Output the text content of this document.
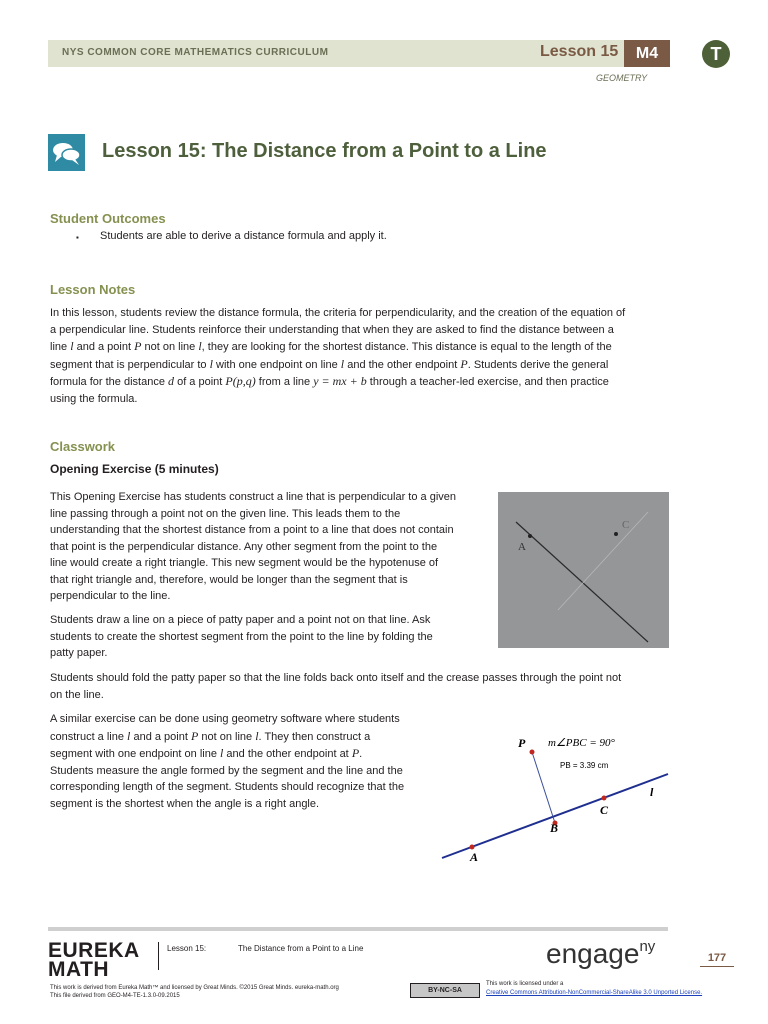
NYS COMMON CORE MATHEMATICS CURRICULUM	Lesson 15	M4
GEOMETRY
T
Lesson 15: The Distance from a Point to a Line
Student Outcomes
▪ Students are able to derive a distance formula and apply it.
Lesson Notes
In this lesson, students review the distance formula, the criteria for perpendicularity, and the creation of the equation of
a perpendicular line. Students reinforce their understanding that when they are asked to find the distance between a
line l and a point P not on line l, they are looking for the shortest distance. This distance is equal to the length of the
segment that is perpendicular to l with one endpoint on line l and the other endpoint P. Students derive the general
formula for the distance d of a point P(p,q) from a line y = mx + b through a teacher-led exercise, and then practice
using the formula.
Classwork
Opening Exercise (5 minutes)
This Opening Exercise has students construct a line that is perpendicular to a given
line passing through a point not on the given line. This leads them to the
understanding that the shortest distance from a point to a line that does not contain
that point is the perpendicular distance. Any other segment from the point to the
line would create a right triangle. This new segment would be the hypotenuse of
that right triangle and, therefore, would be longer than the segment that is
perpendicular to the line.
Students draw a line on a piece of patty paper and a point not on that line. Ask
students to create the shortest segment from the point to the line by folding the
patty paper.
Students should fold the patty paper so that the line folds back onto itself and the crease passes through the point not
on the line.
A similar exercise can be done using geometry software where students
construct a line l and a point P not on line l. They then construct a
segment with one endpoint on line l and the other endpoint at P.
Students measure the angle formed by the segment and the line and the
corresponding length of the segment. Students should recognize that the
segment is the shortest when the angle is a right angle.
A
C
P
A
B
C
l
m∠PBC = 90°
PB = 3.39 cm
EUREKA
MATH
Lesson 15:	The Distance from a Point to a Line	engage$^{ny}$
177
This work is derived from Eureka Math™ and licensed by Great Minds. ©2015 Great Minds. eureka-math.org
This file derived from GEO-M4-TE-1.3.0-09.2015
BY-NC-SA
This work is licensed under a
Creative Commons Attribution-NonCommercial-ShareAlike 3.0 Unported License.
